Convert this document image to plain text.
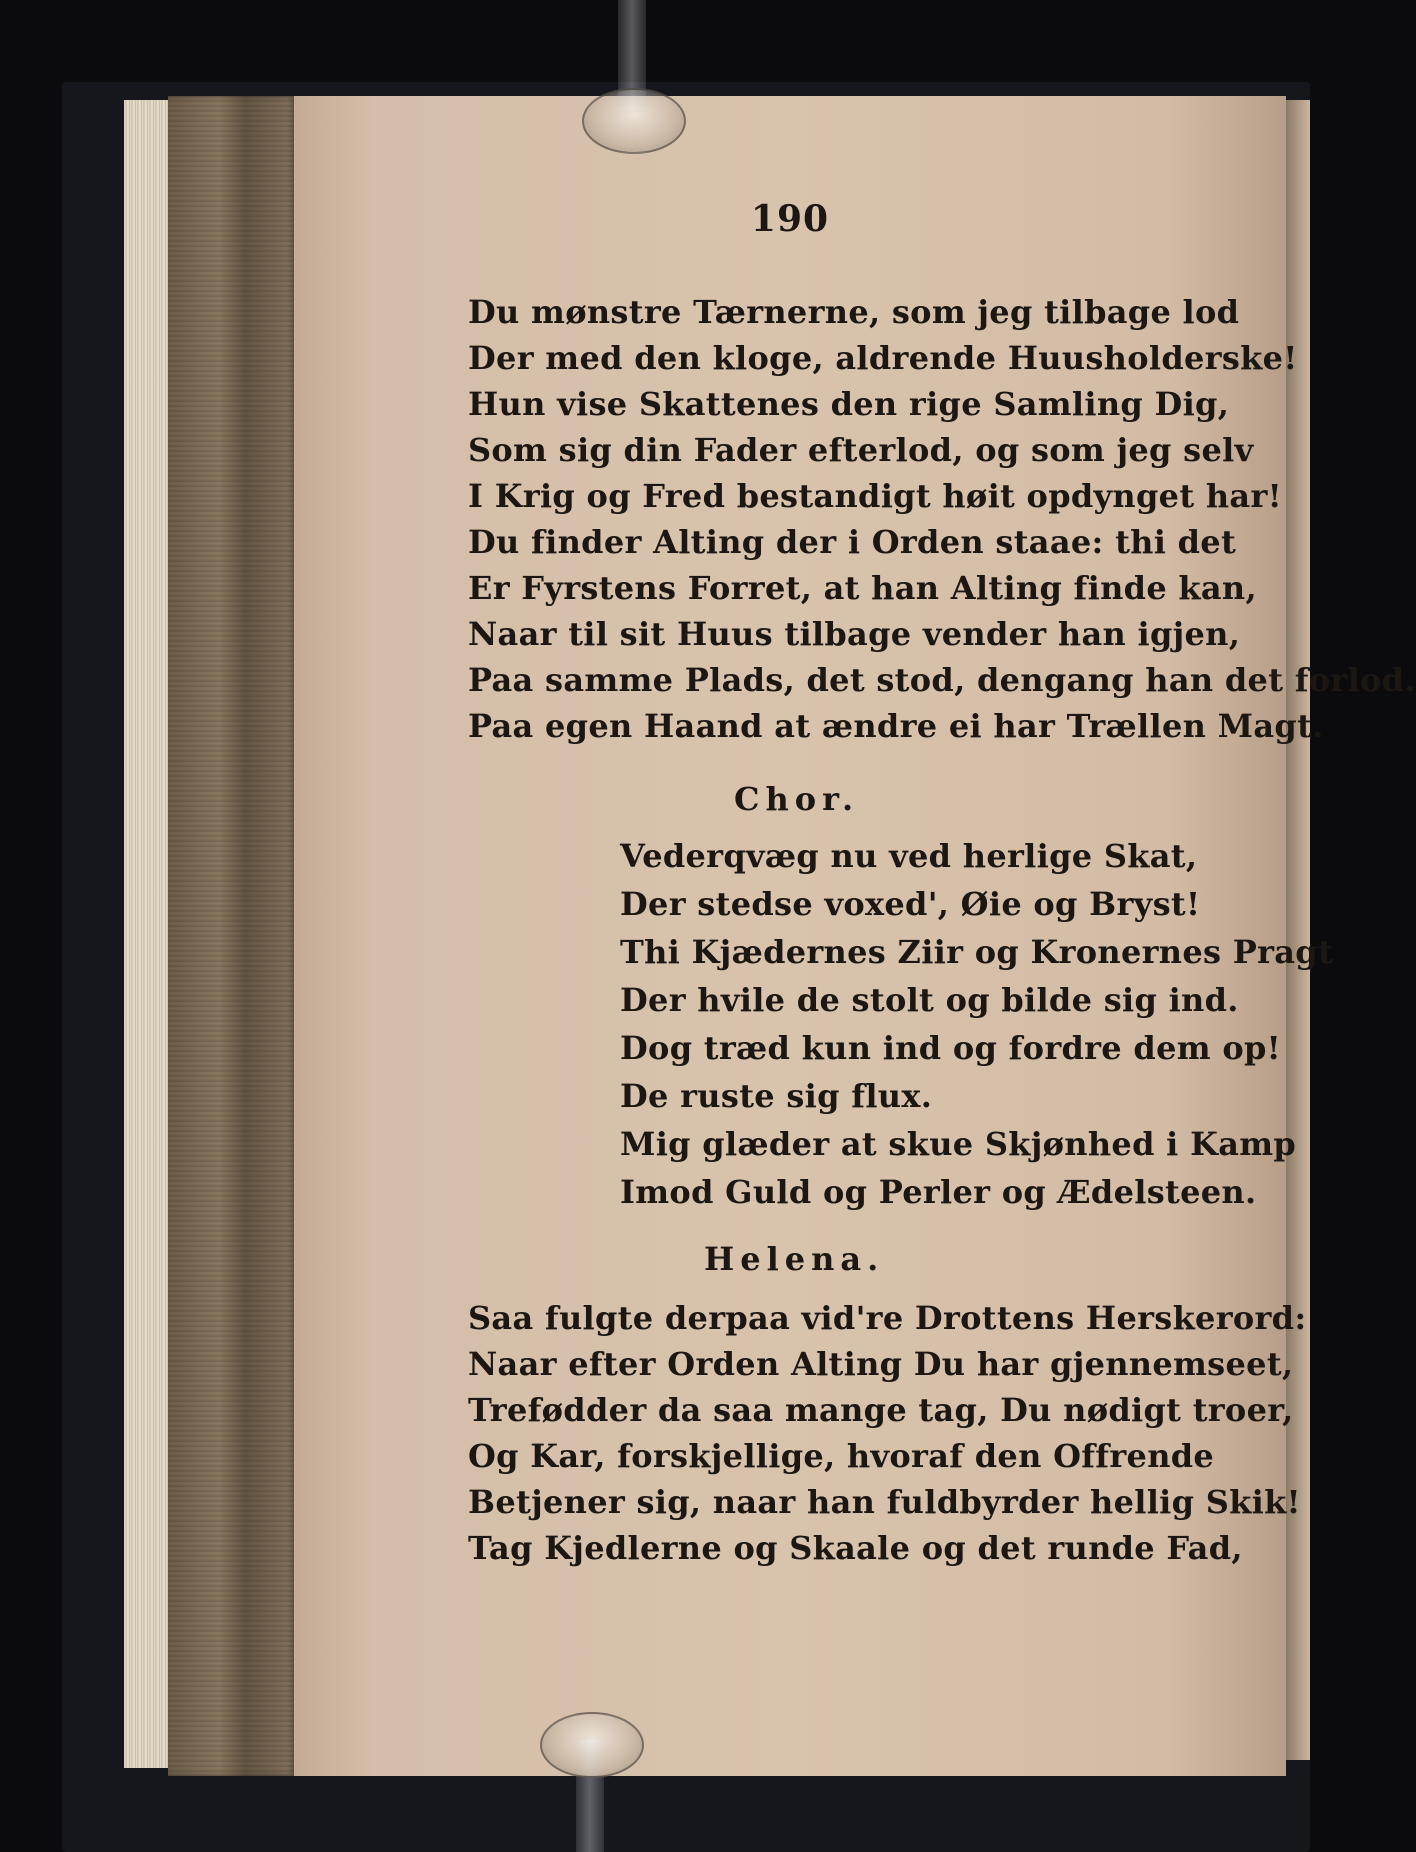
190
Du mønstre Tærnerne, som jeg tilbage lod
Der med den kloge, aldrende Huusholderske!
Hun vise Skattenes den rige Samling Dig,
Som sig din Fader efterlod, og som jeg selv
I Krig og Fred bestandigt høit opdynget har!
Du finder Alting der i Orden staae: thi det
Er Fyrstens Forret, at han Alting finde kan,
Naar til sit Huus tilbage vender han igjen,
Paa samme Plads, det stod, dengang han det forlod.
Paa egen Haand at ændre ei har Trællen Magt.
Chor.
Vederqvæg nu ved herlige Skat,
Der stedse voxed', Øie og Bryst!
Thi Kjædernes Ziir og Kronernes Pragt
Der hvile de stolt og bilde sig ind.
Dog træd kun ind og fordre dem op!
De ruste sig flux.
Mig glæder at skue Skjønhed i Kamp
Imod Guld og Perler og Ædelsteen.
Helena.
Saa fulgte derpaa vid're Drottens Herskerord:
Naar efter Orden Alting Du har gjennemseet,
Trefødder da saa mange tag, Du nødigt troer,
Og Kar, forskjellige, hvoraf den Offrende
Betjener sig, naar han fuldbyrder hellig Skik!
Tag Kjedlerne og Skaale og det runde Fad,
